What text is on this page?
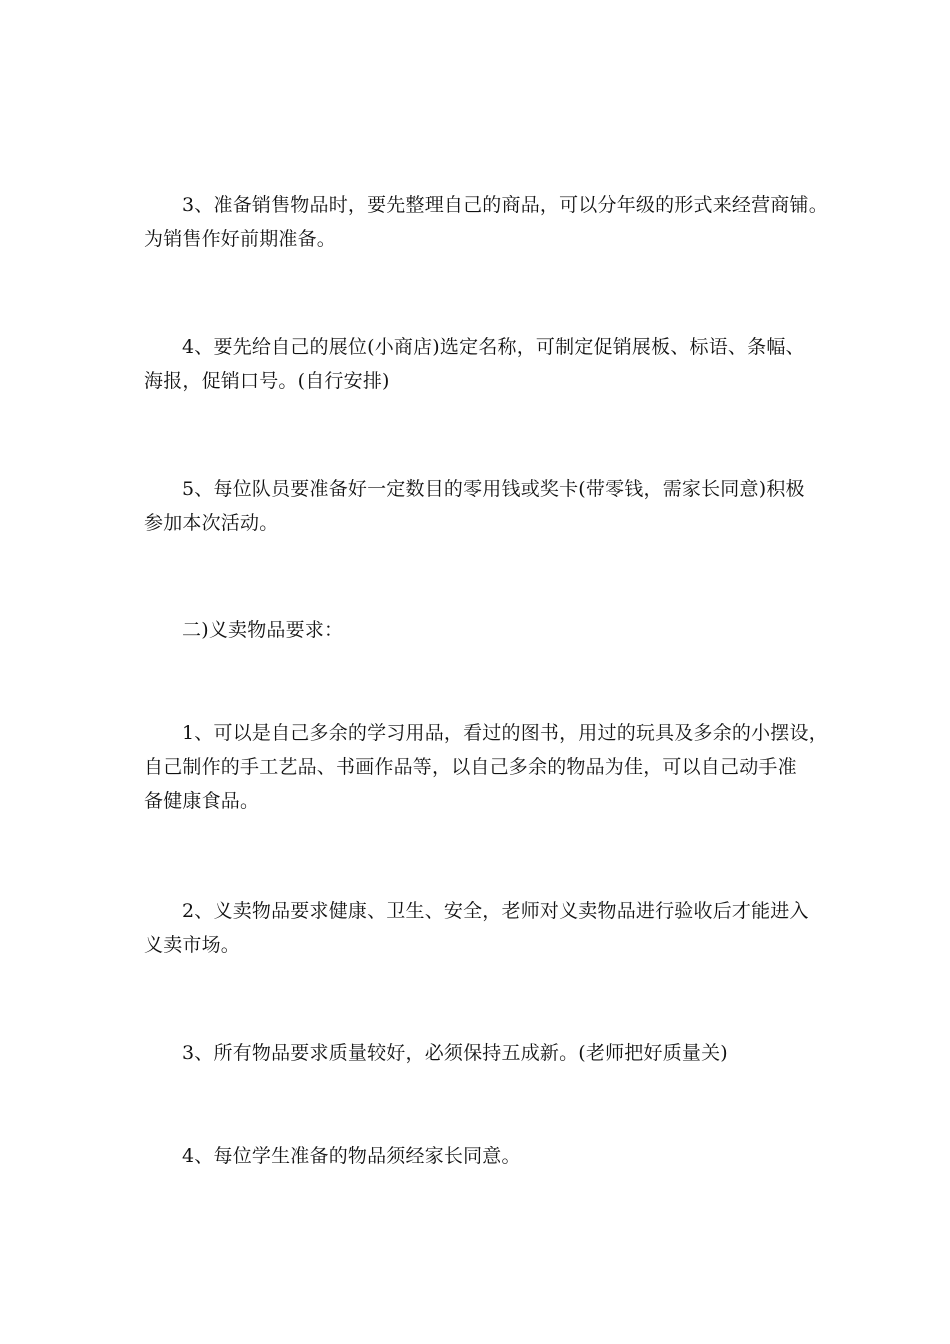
3、准备销售物品时，要先整理自己的商品，可以分年级的形式来经营商铺。
为销售作好前期准备。

4、要先给自己的展位(小商店)选定名称，可制定促销展板、标语、条幅、
海报，促销口号。(自行安排)

5、每位队员要准备好一定数目的零用钱或奖卡(带零钱，需家长同意)积极
参加本次活动。

二)义卖物品要求：

1、可以是自己多余的学习用品，看过的图书，用过的玩具及多余的小摆设，
自己制作的手工艺品、书画作品等，以自己多余的物品为佳，可以自己动手准
备健康食品。

2、义卖物品要求健康、卫生、安全，老师对义卖物品进行验收后才能进入
义卖市场。

3、所有物品要求质量较好，必须保持五成新。(老师把好质量关)

4、每位学生准备的物品须经家长同意。
